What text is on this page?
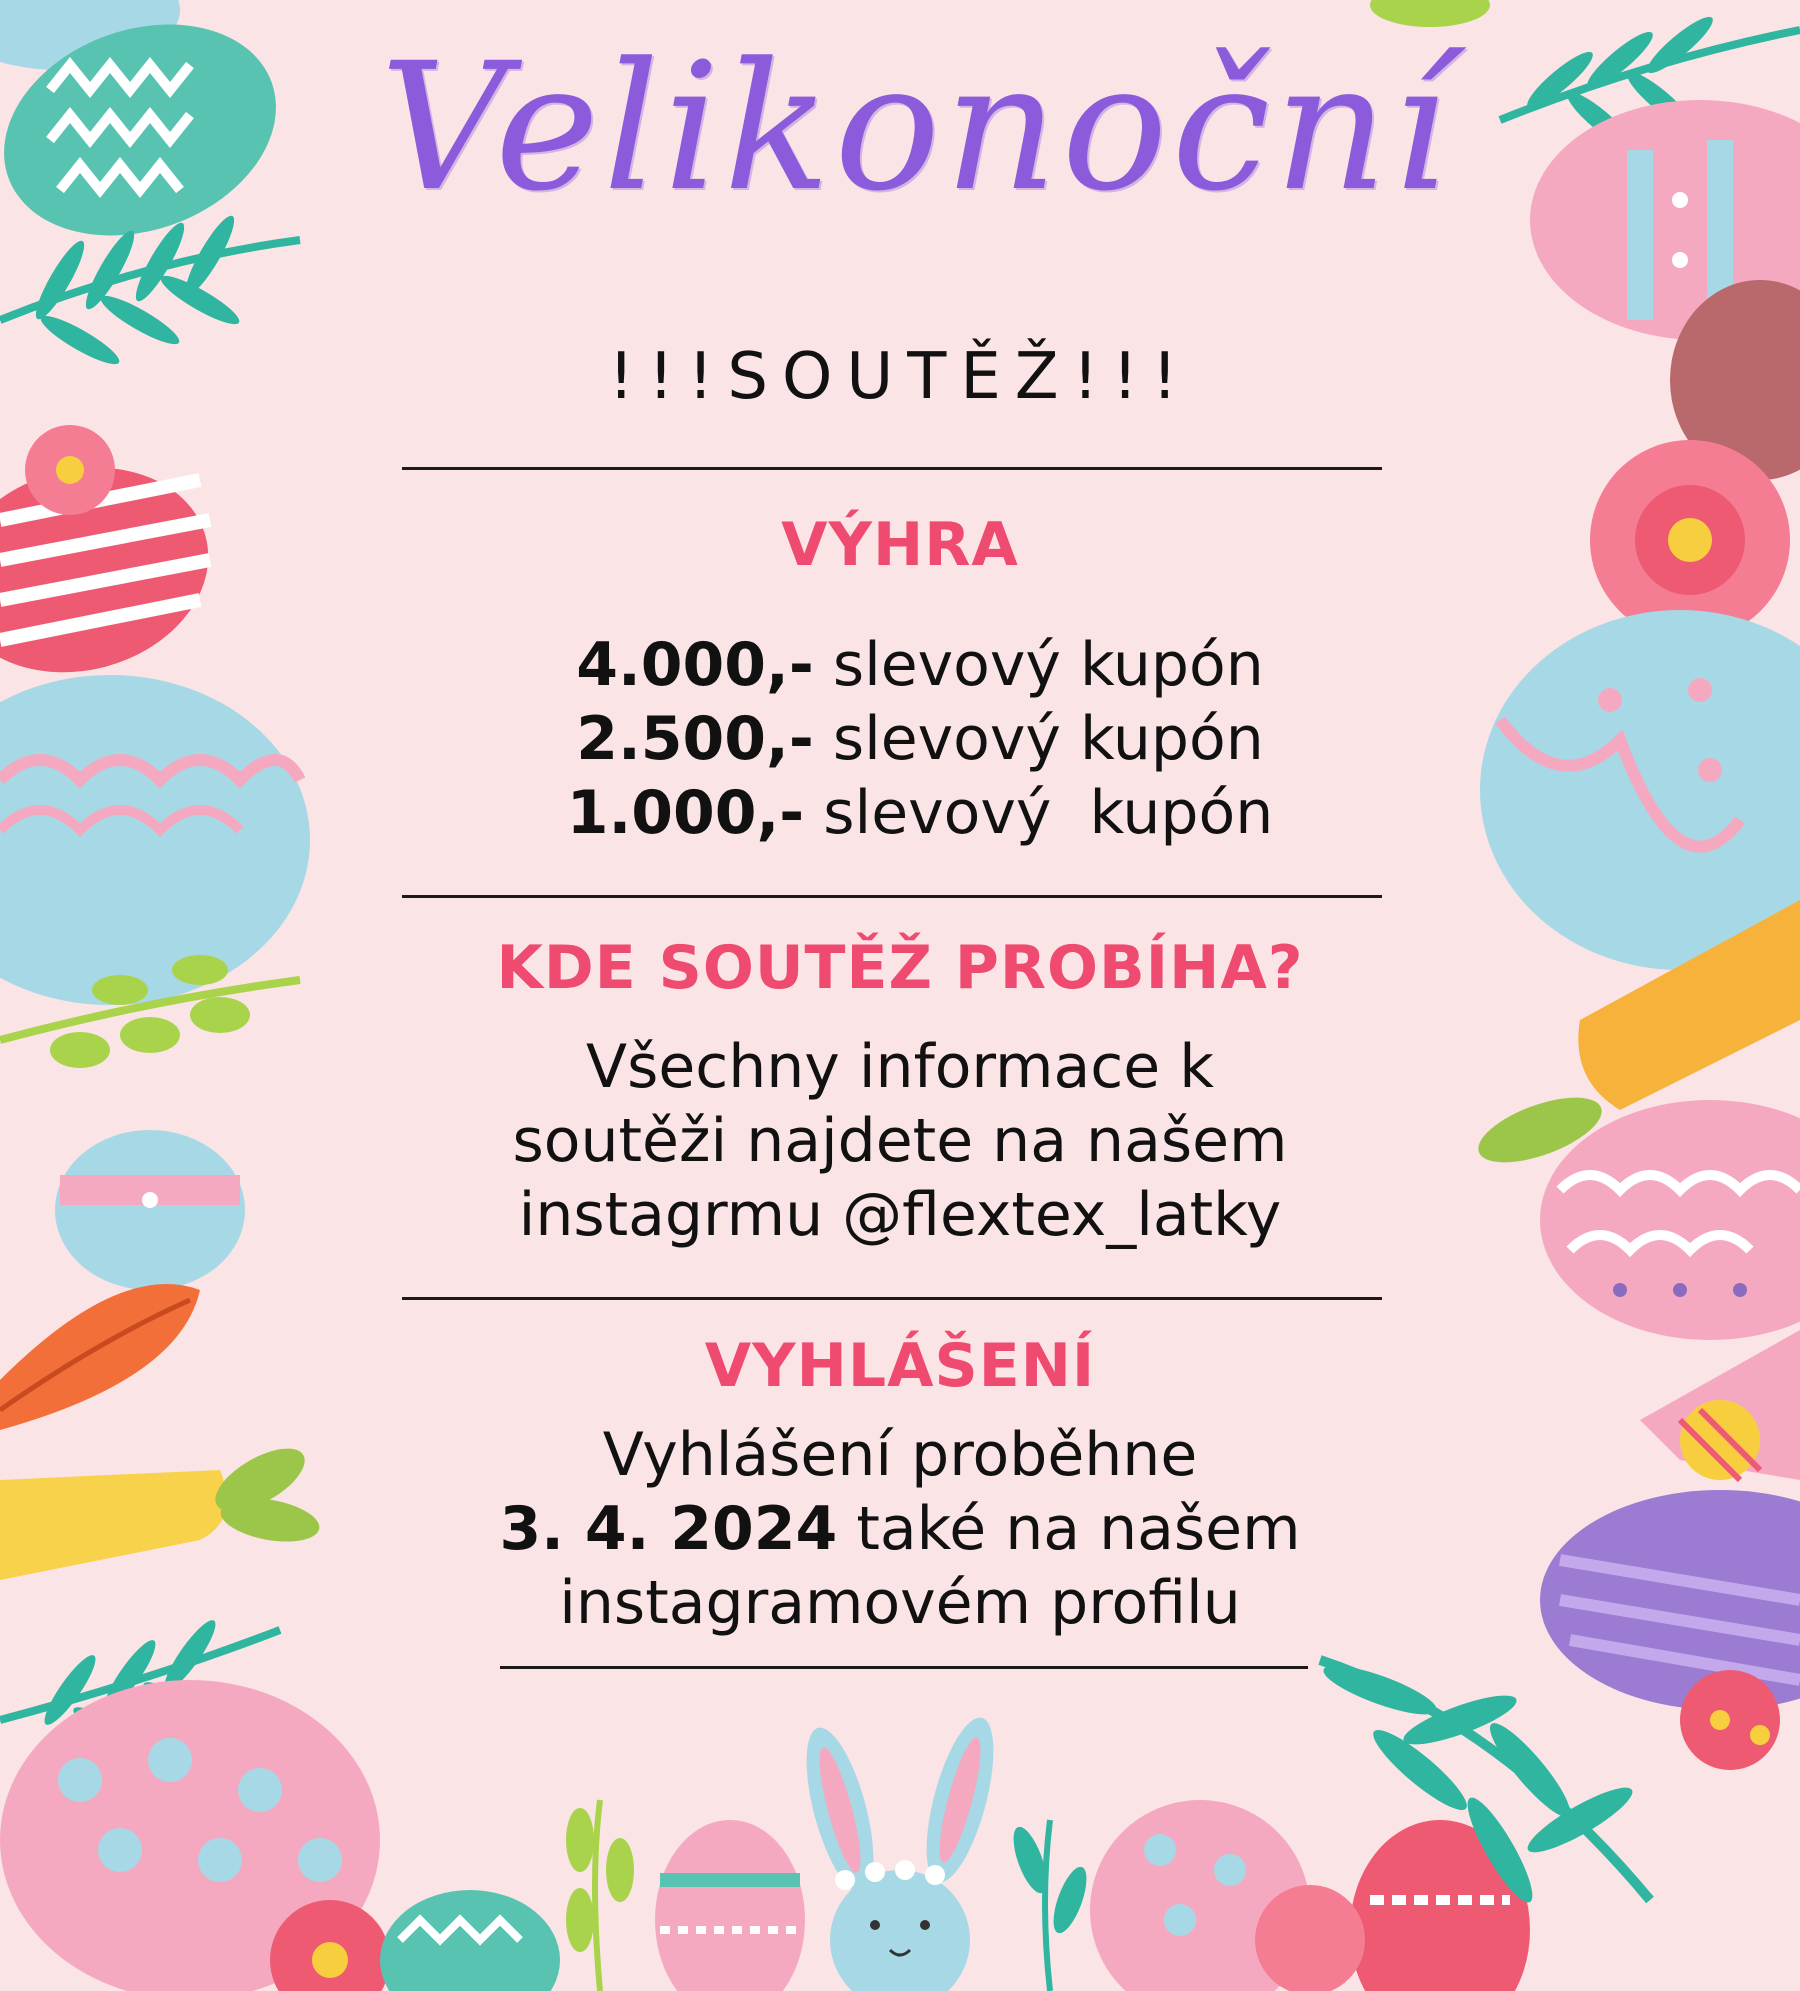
Velikonoční
!!!SOUTĚŽ!!!
VÝHRA
4.000,- slevový kupón
2.500,- slevový kupón
1.000,- slevový  kupón
KDE SOUTĚŽ PROBÍHA?
Všechny informace k
soutěži najdete na našem
instagrmu @flextex_latky
VYHLÁŠENÍ
Vyhlášení proběhne
3. 4. 2024 také na našem
instagramovém profilu
